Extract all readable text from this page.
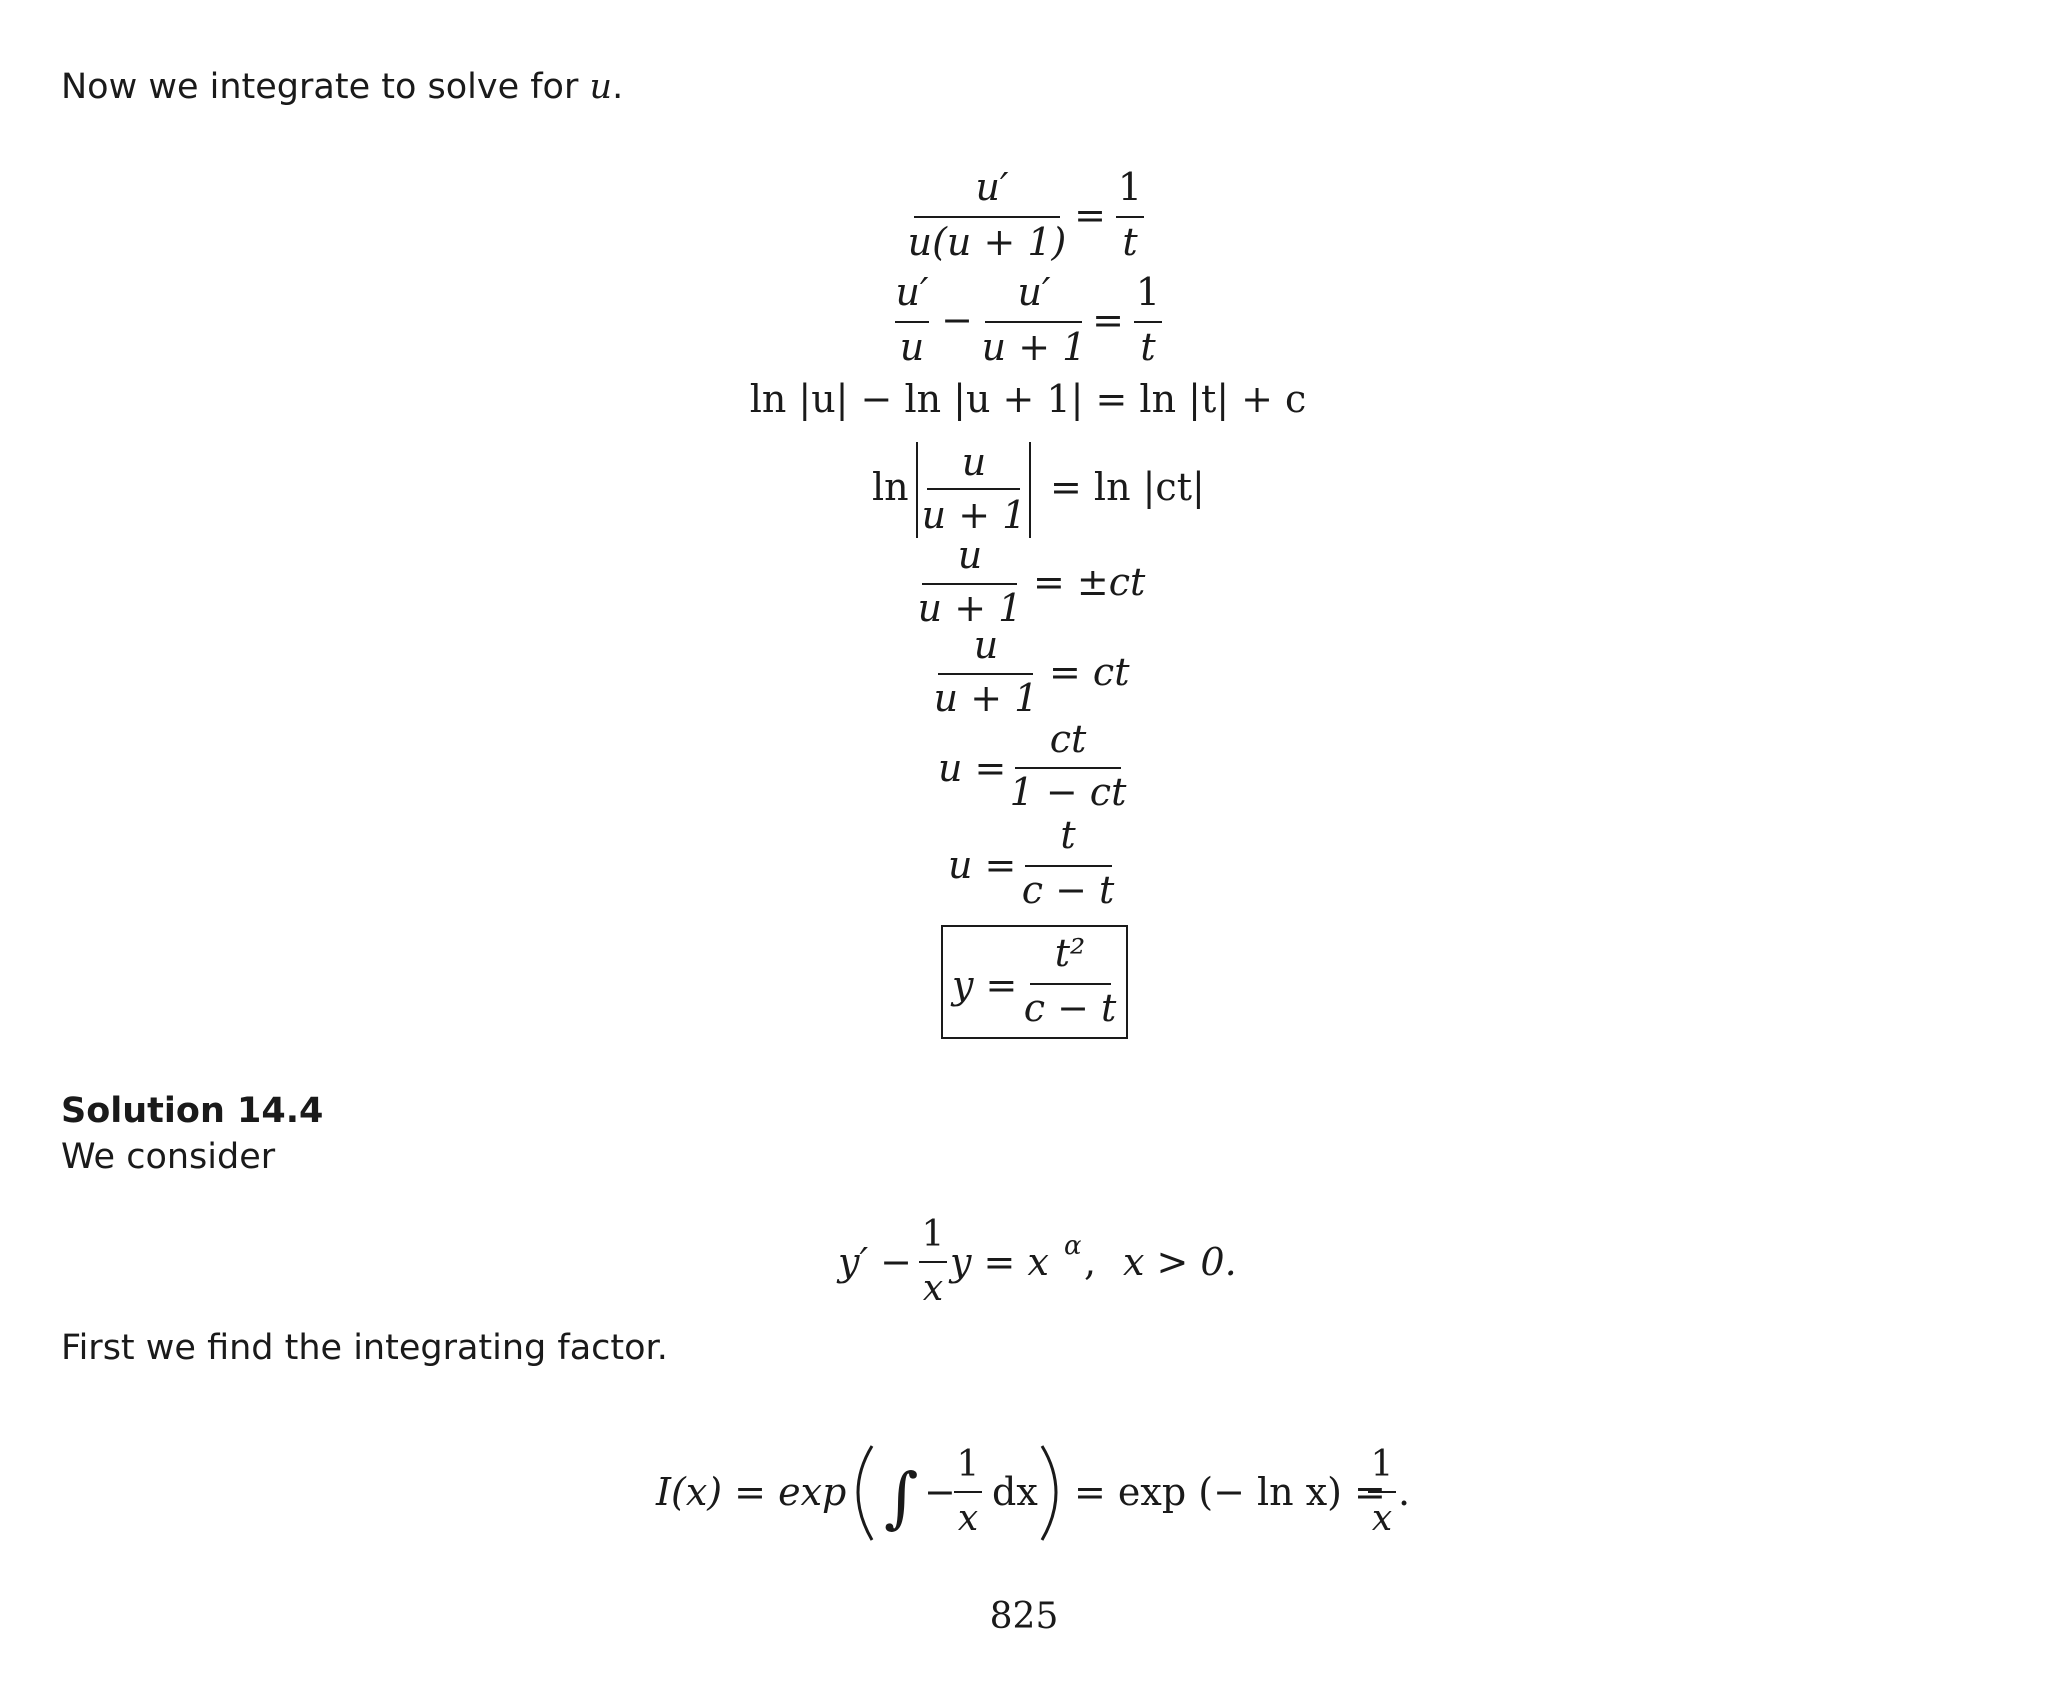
Now we integrate to solve for u.
Solution 14.4
We consider
First we find the integrating factor.
u′
u(u + 1)
=
1
t
u′
u
−
u′
u + 1
=
1
t
ln |u| − ln |u + 1| = ln |t| + c
ln
u
u + 1
= ln |ct|
u
u + 1
= ±ct
u
u + 1
= ct
u =
ct
1 − ct
u =
t
c − t
y =
t²
c − t
y′ −
1
x
y = x α , x > 0.
I(x) = exp ∫ −
1
x
dx = exp (− ln x) =
1
x
.
825
